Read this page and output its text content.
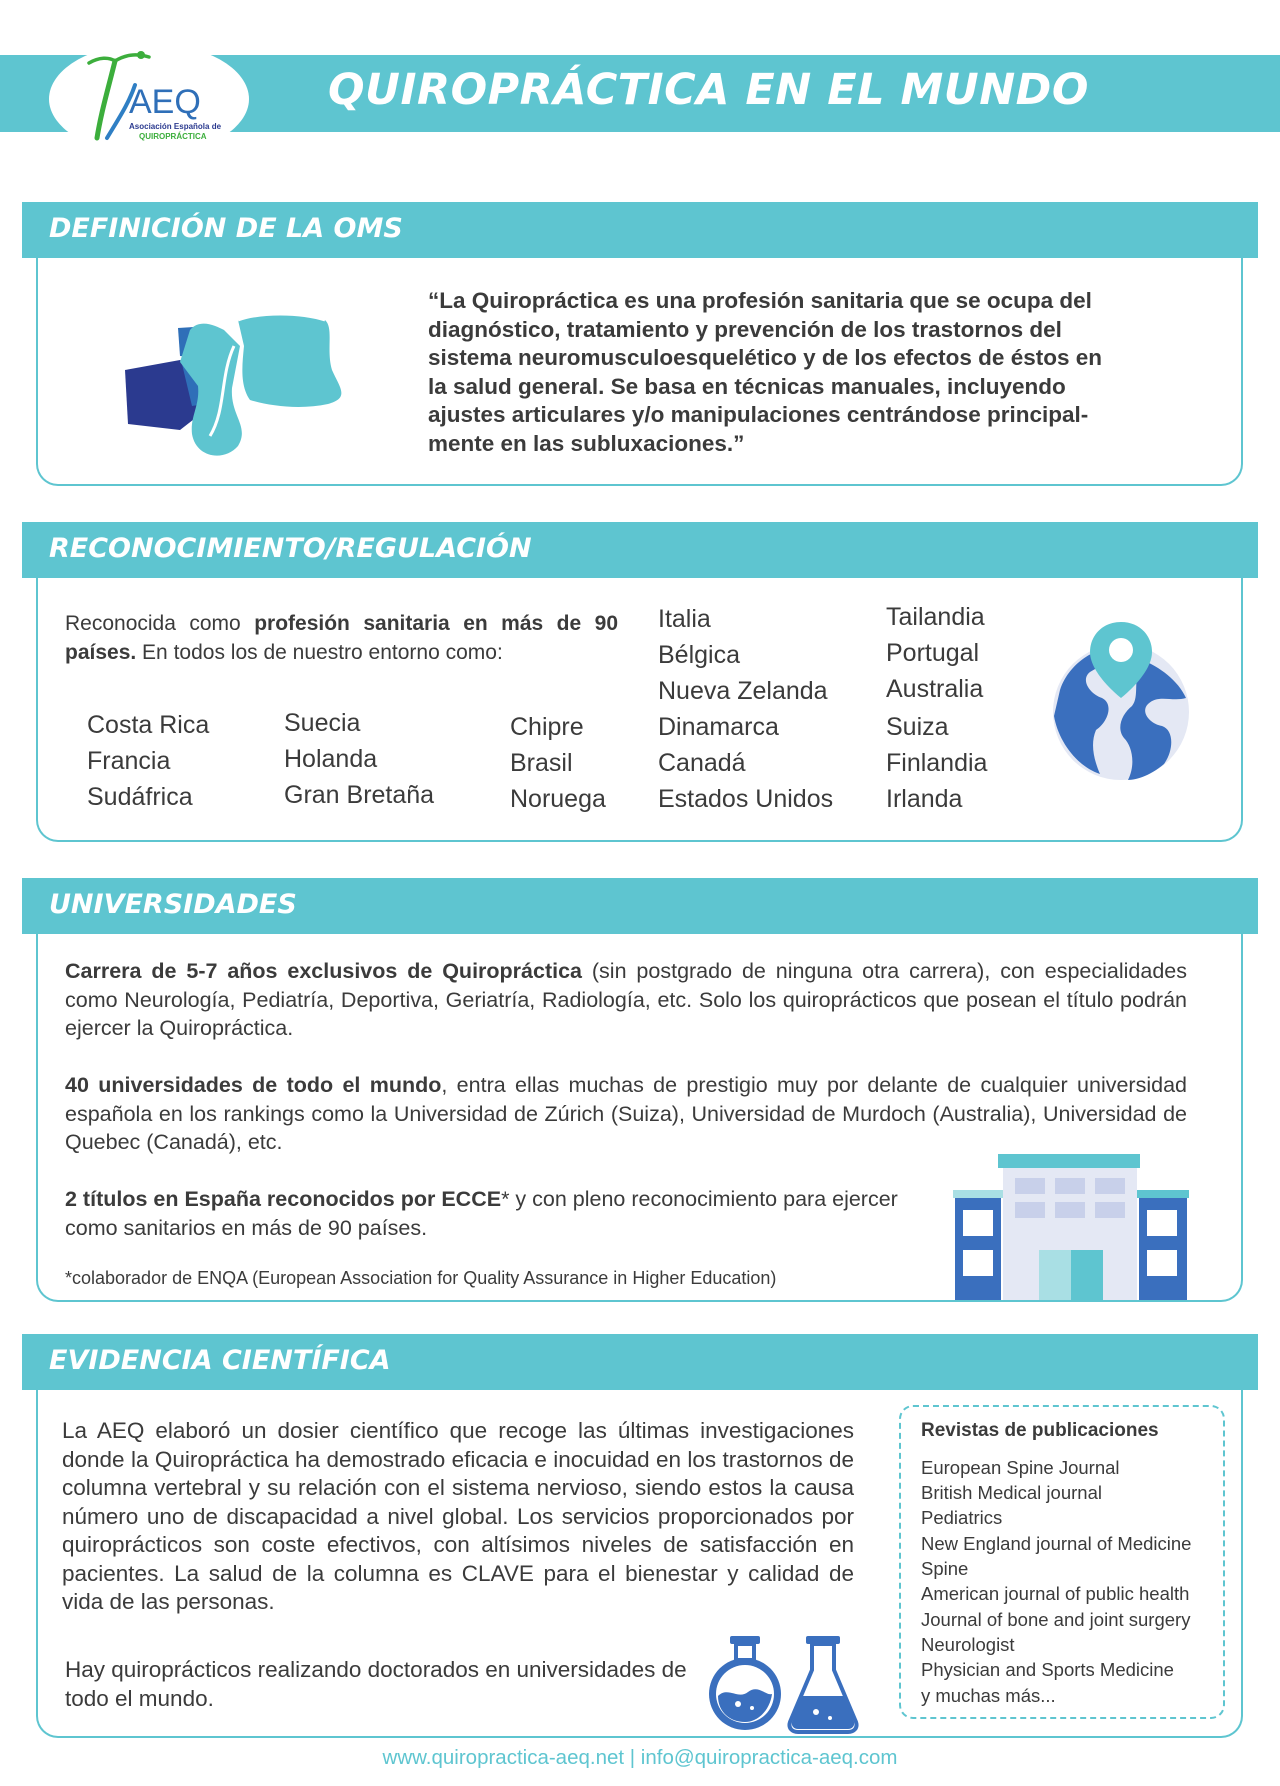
AEQ
Asociación Española de
QUIROPRÁCTICA
QUIROPRÁCTICA EN EL MUNDO
DEFINICIÓN DE LA OMS
“La Quiropráctica es una profesión sanitaria que se ocupa del
diagnóstico, tratamiento y prevención de los trastornos del
sistema neuromusculoesquelético y de los efectos de éstos en
la salud general. Se basa en técnicas manuales, incluyendo
ajustes articulares y/o manipulaciones centrándose principal-
mente en las subluxaciones.”
RECONOCIMIENTO/REGULACIÓN
Reconocida como profesión sanitaria en más de 90 países. En todos los de nuestro entorno como:
Costa Rica
Francia
Sudáfrica
Suecia
Holanda
Gran Bretaña
Chipre
Brasil
Noruega
Italia
Bélgica
Nueva Zelanda
Dinamarca
Canadá
Estados Unidos
Tailandia
Portugal
Australia
Suiza
Finlandia
Irlanda
UNIVERSIDADES
Carrera de 5-7 años exclusivos de Quiropráctica (sin postgrado de ninguna otra carrera), con especialidades como Neurología, Pediatría, Deportiva, Geriatría, Radiología, etc. Solo los quiroprácticos que posean el título podrán ejercer la Quiropráctica.
40 universidades de todo el mundo, entra ellas muchas de prestigio muy por delante de cualquier universidad española en los rankings como la Universidad de Zúrich (Suiza), Universidad de Murdoch (Australia), Universidad de Quebec (Canadá), etc.
2 títulos en España reconocidos por ECCE* y con pleno reconocimiento para ejercer como sanitarios en más de 90 países.
*colaborador de ENQA (European Association for Quality Assurance in Higher Education)
EVIDENCIA CIENTÍFICA
La AEQ elaboró un dosier científico que recoge las últimas investigaciones donde la Quiropráctica ha demostrado eficacia e inocuidad en los trastornos de columna vertebral y su relación con el sistema nervioso, siendo estos la causa número uno de discapacidad a nivel global. Los servicios proporcionados por quiroprácticos son coste efectivos, con altísimos niveles de satisfacción en pacientes. La salud de la columna es CLAVE para el bienestar y calidad de vida de las personas.
Hay quiroprácticos realizando doctorados en universidades de todo el mundo.
Revistas de publicaciones
European Spine Journal
British Medical journal
Pediatrics
New England journal of Medicine
Spine
American journal of public health
Journal of bone and joint surgery
Neurologist
Physician and Sports Medicine
y muchas más...
www.quiropractica-aeq.net | info@quiropractica-aeq.com
